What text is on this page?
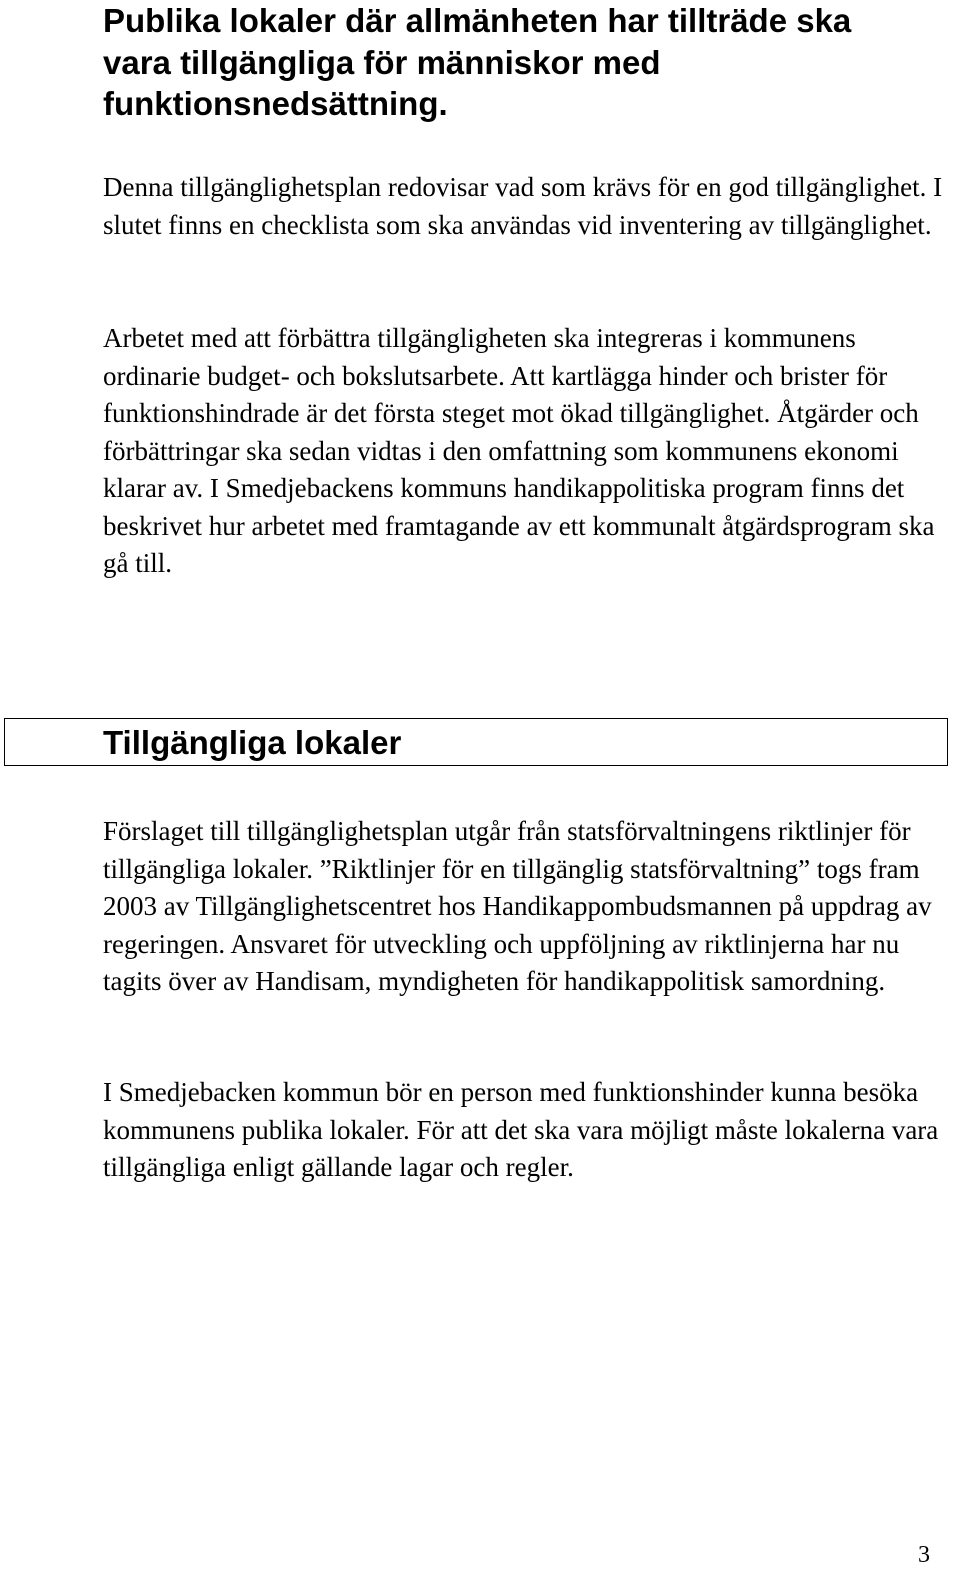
Publika lokaler där allmänheten har tillträde ska vara tillgängliga för människor med funktionsnedsättning.

Denna tillgänglighetsplan redovisar vad som krävs för en god tillgänglighet. I slutet finns en checklista som ska användas vid inventering av tillgänglighet.

Arbetet med att förbättra tillgängligheten ska integreras i kommunens ordinarie budget- och bokslutsarbete. Att kartlägga hinder och brister för funktionshindrade är det första steget mot ökad tillgänglighet. Åtgärder och förbättringar ska sedan vidtas i den omfattning som kommunens ekonomi klarar av. I Smedjebackens kommuns handikappolitiska program finns det beskrivet hur arbetet med framtagande av ett kommunalt åtgärdsprogram ska gå till.

Tillgängliga lokaler

Förslaget till tillgänglighetsplan utgår från statsförvaltningens riktlinjer för tillgängliga lokaler. ”Riktlinjer för en tillgänglig statsförvaltning” togs fram 2003 av Tillgänglighetscentret hos Handikappombudsmannen på uppdrag av regeringen. Ansvaret för utveckling och uppföljning av riktlinjerna har nu tagits över av Handisam, myndigheten för handikappolitisk samordning.

I Smedjebacken kommun bör en person med funktionshinder kunna besöka kommunens publika lokaler. För att det ska vara möjligt måste lokalerna vara tillgängliga enligt gällande lagar och regler.

3
